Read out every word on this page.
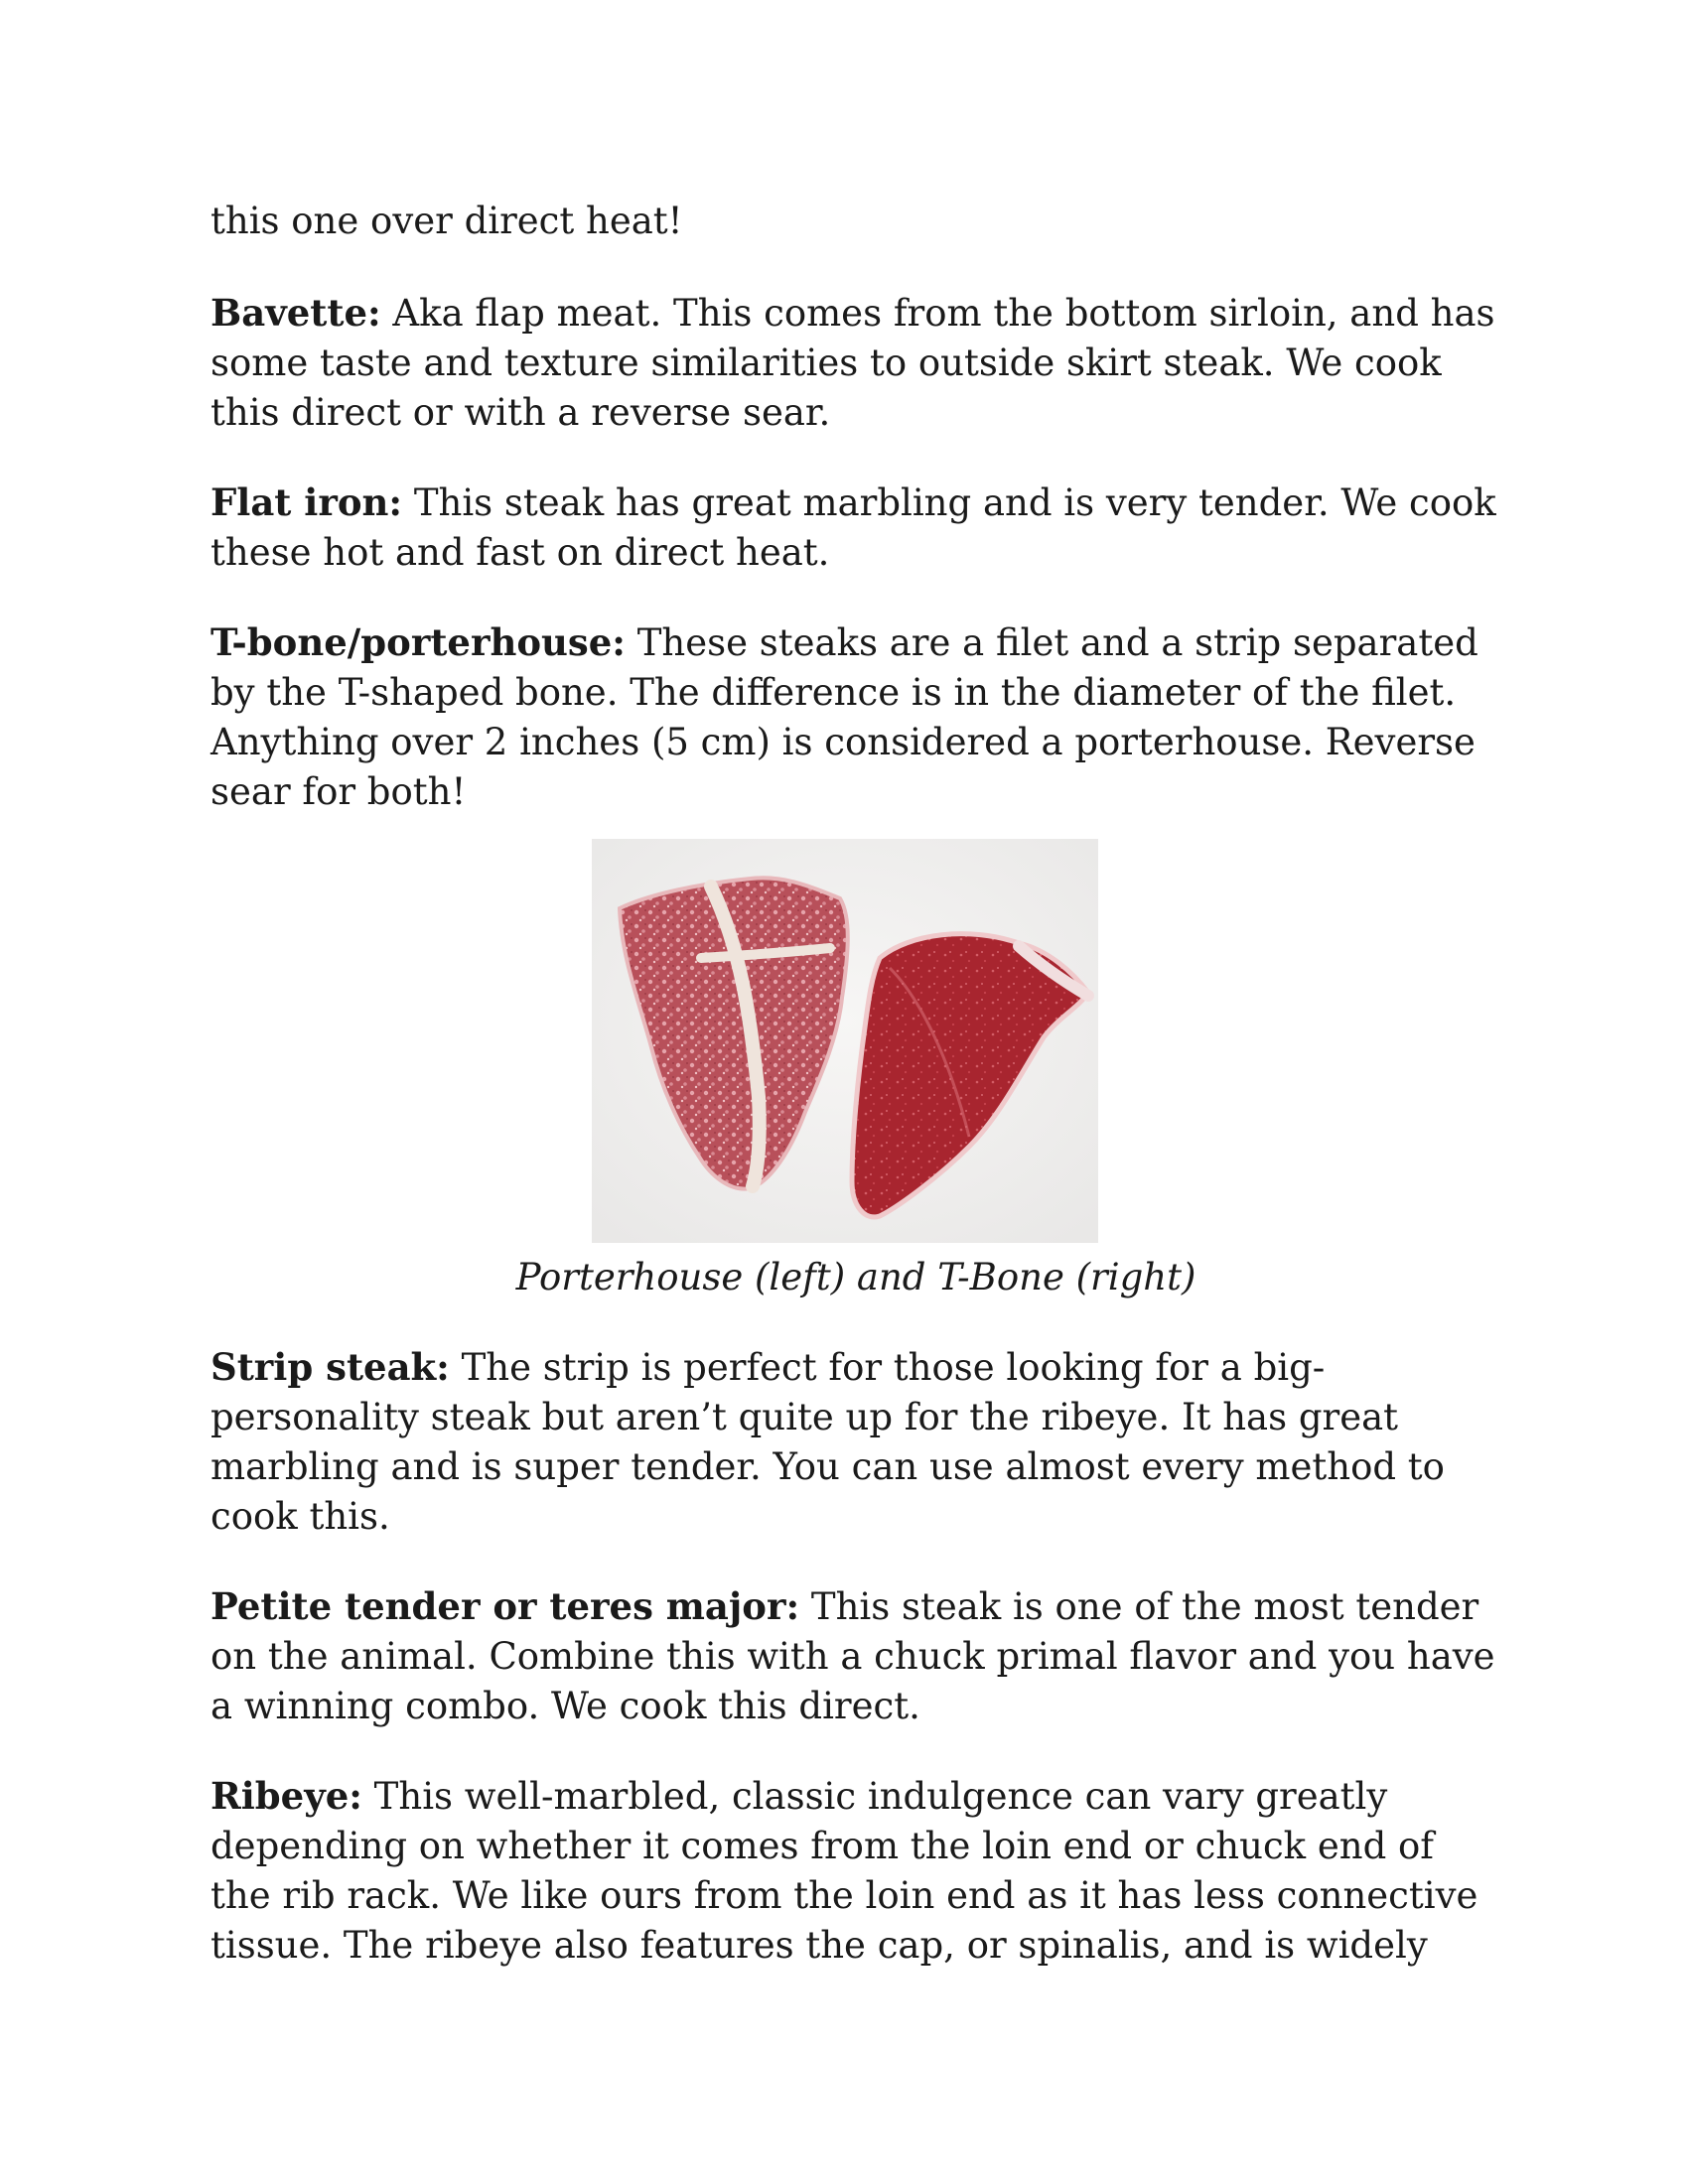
this one over direct heat!

Bavette: Aka flap meat. This comes from the bottom sirloin, and has some taste and texture similarities to outside skirt steak. We cook this direct or with a reverse sear.

Flat iron: This steak has great marbling and is very tender. We cook these hot and fast on direct heat.

T-bone/porterhouse: These steaks are a filet and a strip separated by the T-shaped bone. The difference is in the diameter of the filet. Anything over 2 inches (5 cm) is considered a porterhouse. Reverse sear for both!

Porterhouse (left) and T-Bone (right)

Strip steak: The strip is perfect for those looking for a big-personality steak but aren’t quite up for the ribeye. It has great marbling and is super tender. You can use almost every method to cook this.

Petite tender or teres major: This steak is one of the most tender on the animal. Combine this with a chuck primal flavor and you have a winning combo. We cook this direct.

Ribeye: This well-marbled, classic indulgence can vary greatly depending on whether it comes from the loin end or chuck end of the rib rack. We like ours from the loin end as it has less connective tissue. The ribeye also features the cap, or spinalis, and is widely
